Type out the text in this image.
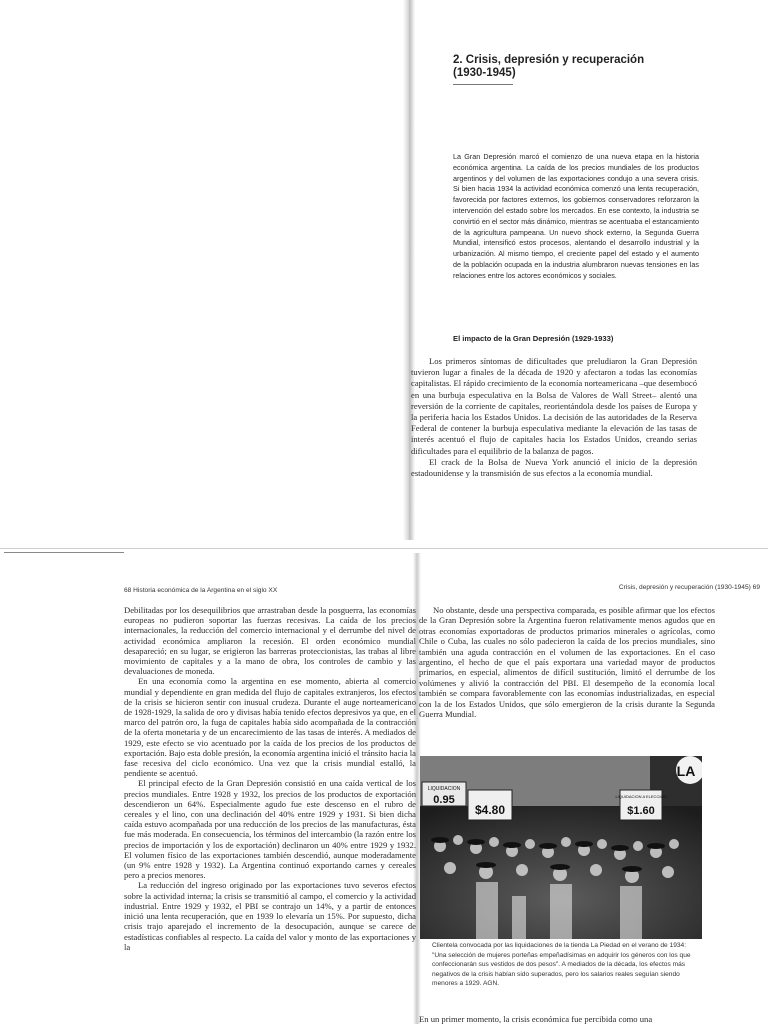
2. Crisis, depresión y recuperación
(1930-1945)
La Gran Depresión marcó el comienzo de una nueva etapa en la historia económica argentina. La caída de los precios mundiales de los productos argentinos y del volumen de las exportaciones condujo a una severa crisis. Si bien hacia 1934 la actividad económica comenzó una lenta recuperación, favorecida por factores externos, los gobiernos conservadores reforzaron la intervención del estado sobre los mercados. En ese contexto, la industria se convirtió en el sector más dinámico, mientras se acentuaba el estancamiento de la agricultura pampeana. Un nuevo shock externo, la Segunda Guerra Mundial, intensificó estos procesos, alentando el desarrollo industrial y la urbanización. Al mismo tiempo, el creciente papel del estado y el aumento de la población ocupada en la industria alumbraron nuevas tensiones en las relaciones entre los actores económicos y sociales.
El impacto de la Gran Depresión (1929-1933)

Los primeros síntomas de dificultades que preludiaron la Gran Depresión tuvieron lugar a finales de la década de 1920 y afectaron a todas las economías capitalistas. El rápido crecimiento de la economía norteamericana –que desembocó en una burbuja especulativa en la Bolsa de Valores de Wall Street– alentó una reversión de la corriente de capitales, reorientándola desde los países de Europa y la periferia hacia los Estados Unidos. La decisión de las autoridades de la Reserva Federal de contener la burbuja especulativa mediante la elevación de las tasas de interés acentuó el flujo de capitales hacia los Estados Unidos, creando serias dificultades para el equilibrio de la balanza de pagos.

El crack de la Bolsa de Nueva York anunció el inicio de la depresión estadounidense y la transmisión de sus efectos a la economía mundial.

68 Historia económica de la Argentina en el siglo XX	Crisis, depresión y recuperación (1930-1945) 69

Debilitadas por los desequilibrios que arrastraban desde la posguerra, las economías europeas no pudieron soportar las fuerzas recesivas. La caída de los precios internacionales, la reducción del comercio internacional y el derrumbe del nivel de actividad económica ampliaron la recesión. El orden económico mundial desapareció; en su lugar, se erigieron las barreras proteccionistas, las trabas al libre movimiento de capitales y a la mano de obra, los controles de cambio y las devaluaciones de moneda.

En una economía como la argentina en ese momento, abierta al comercio mundial y dependiente en gran medida del flujo de capitales extranjeros, los efectos de la crisis se hicieron sentir con inusual crudeza. Durante el auge norteamericano de 1928-1929, la salida de oro y divisas había tenido efectos depresivos ya que, en el marco del patrón oro, la fuga de capitales había sido acompañada de la contracción de la oferta monetaria y de un encarecimiento de las tasas de interés. A mediados de 1929, este efecto se vio acentuado por la caída de los precios de los productos de exportación. Bajo esta doble presión, la economía argentina inició el tránsito hacia la fase recesiva del ciclo económico. Una vez que la crisis mundial estalló, la pendiente se acentuó.

El principal efecto de la Gran Depresión consistió en una caída vertical de los precios mundiales. Entre 1928 y 1932, los precios de los productos de exportación descendieron un 64%. Especialmente agudo fue este descenso en el rubro de cereales y el lino, con una declinación del 40% entre 1929 y 1931. Si bien dicha caída estuvo acompañada por una reducción de los precios de las manufacturas, ésta fue más moderada. En consecuencia, los términos del intercambio (la razón entre los precios de importación y los de exportación) declinaron un 40% entre 1929 y 1932. El volumen físico de las exportaciones también descendió, aunque moderadamente (un 9% entre 1928 y 1932). La Argentina continuó exportando carnes y cereales pero a precios menores.

La reducción del ingreso originado por las exportaciones tuvo severos efectos sobre la actividad interna; la crisis se transmitió al campo, el comercio y la actividad industrial. Entre 1929 y 1932, el PBI se contrajo un 14%, y a partir de entonces inició una lenta recuperación, que en 1939 lo elevaría un 15%. Por supuesto, dicha crisis trajo aparejado el incremento de la desocupación, aunque se carece de estadísticas confiables al respecto. La caída del valor y monto de las exportaciones y la

No obstante, desde una perspectiva comparada, es posible afirmar que los efectos de la Gran Depresión sobre la Argentina fueron relativamente menos agudos que en otras economías exportadoras de productos primarios minerales o agrícolas, como Chile o Cuba, las cuales no sólo padecieron la caída de los precios mundiales, sino también una aguda contracción en el volumen de las exportaciones. En el caso argentino, el hecho de que el país exportara una variedad mayor de productos primarios, en especial, alimentos de difícil sustitución, limitó el derrumbe de los volúmenes y alivió la contracción del PBI. El desempeño de la economía local también se compara favorablemente con las economías industrializadas, en especial con la de los Estados Unidos, que sólo emergieron de la crisis durante la Segunda Guerra Mundial.

LIQUIDACION
0.95
$4.80
LIQUIDACION A ELECCION
$1.60
LA
Clientela convocada por las liquidaciones de la tienda La Piedad en el verano de 1934: "Una selección de mujeres porteñas empeñadísimas en adquirir los géneros con los que confeccionarán sus vestidos de dos pesos". A mediados de la década, los efectos más negativos de la crisis habían sido superados, pero los salarios reales seguían siendo menores a 1929. AGN.
En un primer momento, la crisis económica fue percibida como una
